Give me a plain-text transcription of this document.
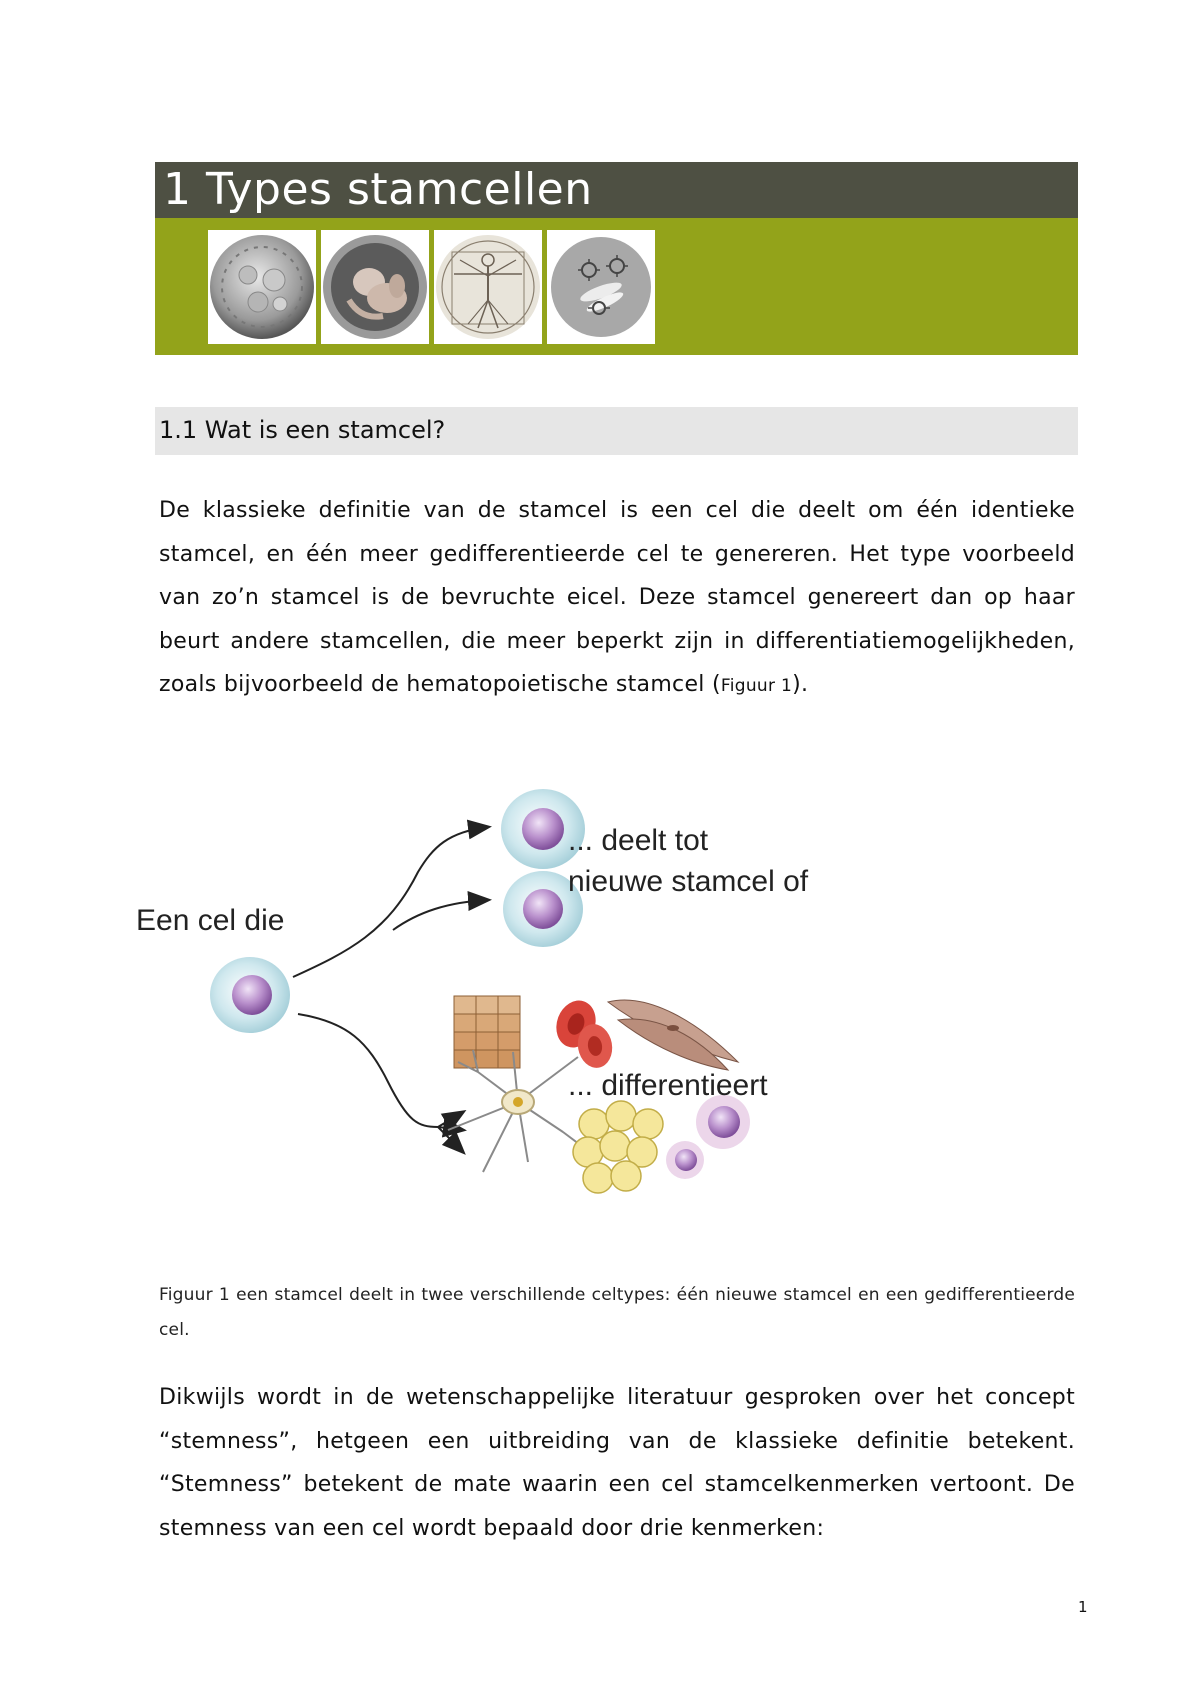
1 Types stamcellen
1.1 Wat is een stamcel?
De klassieke definitie van de stamcel is een cel die deelt om één identieke stamcel, en één meer gedifferentieerde cel te genereren. Het type voorbeeld van zo’n stamcel is de bevruchte eicel. Deze stamcel genereert dan op haar beurt andere stamcellen, die meer beperkt zijn in differentiatiemogelijkheden, zoals bijvoorbeeld de hematopoietische stamcel (Figuur 1).
Een cel die
... deelt tot
nieuwe stamcel of
... differentieert
Figuur 1 een stamcel deelt in twee verschillende celtypes: één nieuwe stamcel en een gedifferentieerde cel.
Dikwijls wordt in de wetenschappelijke literatuur gesproken over het concept “stemness”, hetgeen een uitbreiding van de klassieke definitie betekent. “Stemness” betekent de mate waarin een cel stamcelkenmerken vertoont. De stemness van een cel wordt bepaald door drie kenmerken:
1
